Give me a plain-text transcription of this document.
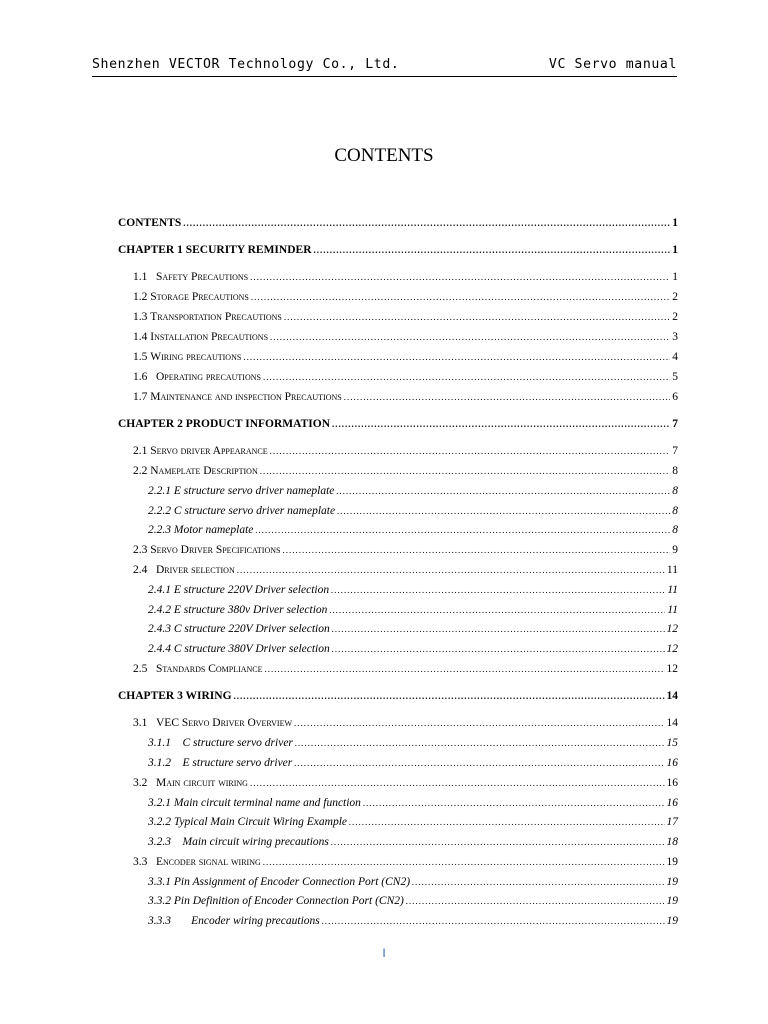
Shenzhen VECTOR Technology Co., Ltd.	VC Servo manual
CONTENTS
CONTENTS .....	1
CHAPTER 1 SECURITY REMINDER .....	1
1.1   Safety Precautions .....	1
1.2 Storage Precautions .....	2
1.3 Transportation Precautions .....	2
1.4 Installation Precautions .....	3
1.5 Wiring precautions .....	4
1.6   Operating precautions .....	5
1.7 Maintenance and inspection Precautions .....	6
CHAPTER 2 PRODUCT INFORMATION .....	7
2.1 Servo driver Appearance .....	7
2.2 Nameplate Description .....	8
2.2.1 E structure servo driver nameplate .....	8
2.2.2 C structure servo driver nameplate .....	8
2.2.3 Motor nameplate .....	8
2.3 Servo Driver Specifications .....	9
2.4   Driver selection .....	11
2.4.1 E structure 220V Driver selection .....	11
2.4.2 E structure 380v Driver selection .....	11
2.4.3 C structure 220V Driver selection .....	12
2.4.4 C structure 380V Driver selection .....	12
2.5   Standards Compliance .....	12
CHAPTER 3 WIRING .....	14
3.1   VEC Servo Driver Overview .....	14
3.1.1    C structure servo driver .....	15
3.1.2    E structure servo driver .....	16
3.2   Main circuit wiring .....	16
3.2.1 Main circuit terminal name and function .....	16
3.2.2 Typical Main Circuit Wiring Example .....	17
3.2.3    Main circuit wiring precautions .....	18
3.3   Encoder signal wiring .....	19
3.3.1 Pin Assignment of Encoder Connection Port (CN2) .....	19
3.3.2 Pin Definition of Encoder Connection Port (CN2) .....	19
3.3.3       Encoder wiring precautions .....	19
I
